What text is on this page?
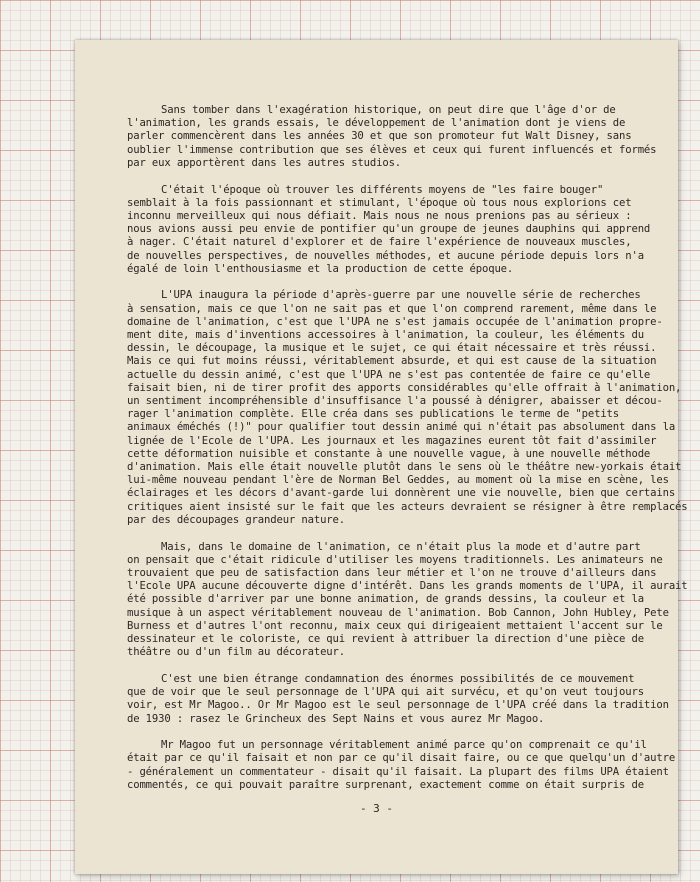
Sans tomber dans l'exagération historique, on peut dire que l'âge d'or de
l'animation, les grands essais, le développement de l'animation dont je viens de
parler commencèrent dans les années 30 et que son promoteur fut Walt Disney, sans
oublier l'immense contribution que ses élèves et ceux qui furent influencés et formés
par eux apportèrent dans les autres studios.
C'était l'époque où trouver les différents moyens de "les faire bouger"
semblait à la fois passionnant et stimulant, l'époque où tous nous explorions cet
inconnu merveilleux qui nous défiait. Mais nous ne nous prenions pas au sérieux :
nous avions aussi peu envie de pontifier qu'un groupe de jeunes dauphins qui apprend
à nager. C'était naturel d'explorer et de faire l'expérience de nouveaux muscles,
de nouvelles perspectives, de nouvelles méthodes, et aucune période depuis lors n'a
égalé de loin l'enthousiasme et la production de cette époque.
L'UPA inaugura la période d'après-guerre par une nouvelle série de recherches
à sensation, mais ce que l'on ne sait pas et que l'on comprend rarement, même dans le
domaine de l'animation, c'est que l'UPA ne s'est jamais occupée de l'animation propre-
ment dite, mais d'inventions accessoires à l'animation, la couleur, les éléments du
dessin, le découpage, la musique et le sujet, ce qui était nécessaire et très réussi.
Mais ce qui fut moins réussi, véritablement absurde, et qui est cause de la situation
actuelle du dessin animé, c'est que l'UPA ne s'est pas contentée de faire ce qu'elle
faisait bien, ni de tirer profit des apports considérables qu'elle offrait à l'animation,
un sentiment incompréhensible d'insuffisance l'a poussé à dénigrer, abaisser et décou-
rager l'animation complète. Elle créa dans ses publications le terme de "petits
animaux éméchés (!)" pour qualifier tout dessin animé qui n'était pas absolument dans la
lignée de l'Ecole de l'UPA. Les journaux et les magazines eurent tôt fait d'assimiler
cette déformation nuisible et constante à une nouvelle vague, à une nouvelle méthode
d'animation. Mais elle était nouvelle plutôt dans le sens où le théâtre new-yorkais était
lui-même nouveau pendant l'ère de Norman Bel Geddes, au moment où la mise en scène, les
éclairages et les décors d'avant-garde lui donnèrent une vie nouvelle, bien que certains
critiques aient insisté sur le fait que les acteurs devraient se résigner à être remplacés
par des découpages grandeur nature.
Mais, dans le domaine de l'animation, ce n'était plus la mode et d'autre part
on pensait que c'était ridicule d'utiliser les moyens traditionnels. Les animateurs ne
trouvaient que peu de satisfaction dans leur métier et l'on ne trouve d'ailleurs dans
l'Ecole UPA aucune découverte digne d'intérêt. Dans les grands moments de l'UPA, il aurait
été possible d'arriver par une bonne animation, de grands dessins, la couleur et la
musique à un aspect véritablement nouveau de l'animation. Bob Cannon, John Hubley, Pete
Burness et d'autres l'ont reconnu, maix ceux qui dirigeaient mettaient l'accent sur le
dessinateur et le coloriste, ce qui revient à attribuer la direction d'une pièce de
théâtre ou d'un film au décorateur.
C'est une bien étrange condamnation des énormes possibilités de ce mouvement
que de voir que le seul personnage de l'UPA qui ait survécu, et qu'on veut toujours
voir, est Mr Magoo.. Or Mr Magoo est le seul personnage de l'UPA créé dans la tradition
de 1930 : rasez le Grincheux des Sept Nains et vous aurez Mr Magoo.
Mr Magoo fut un personnage véritablement animé parce qu'on comprenait ce qu'il
était par ce qu'il faisait et non par ce qu'il disait faire, ou ce que quelqu'un d'autre
- généralement un commentateur - disait qu'il faisait. La plupart des films UPA étaient
commentés, ce qui pouvait paraître surprenant, exactement comme on était surpris de
- 3 -
